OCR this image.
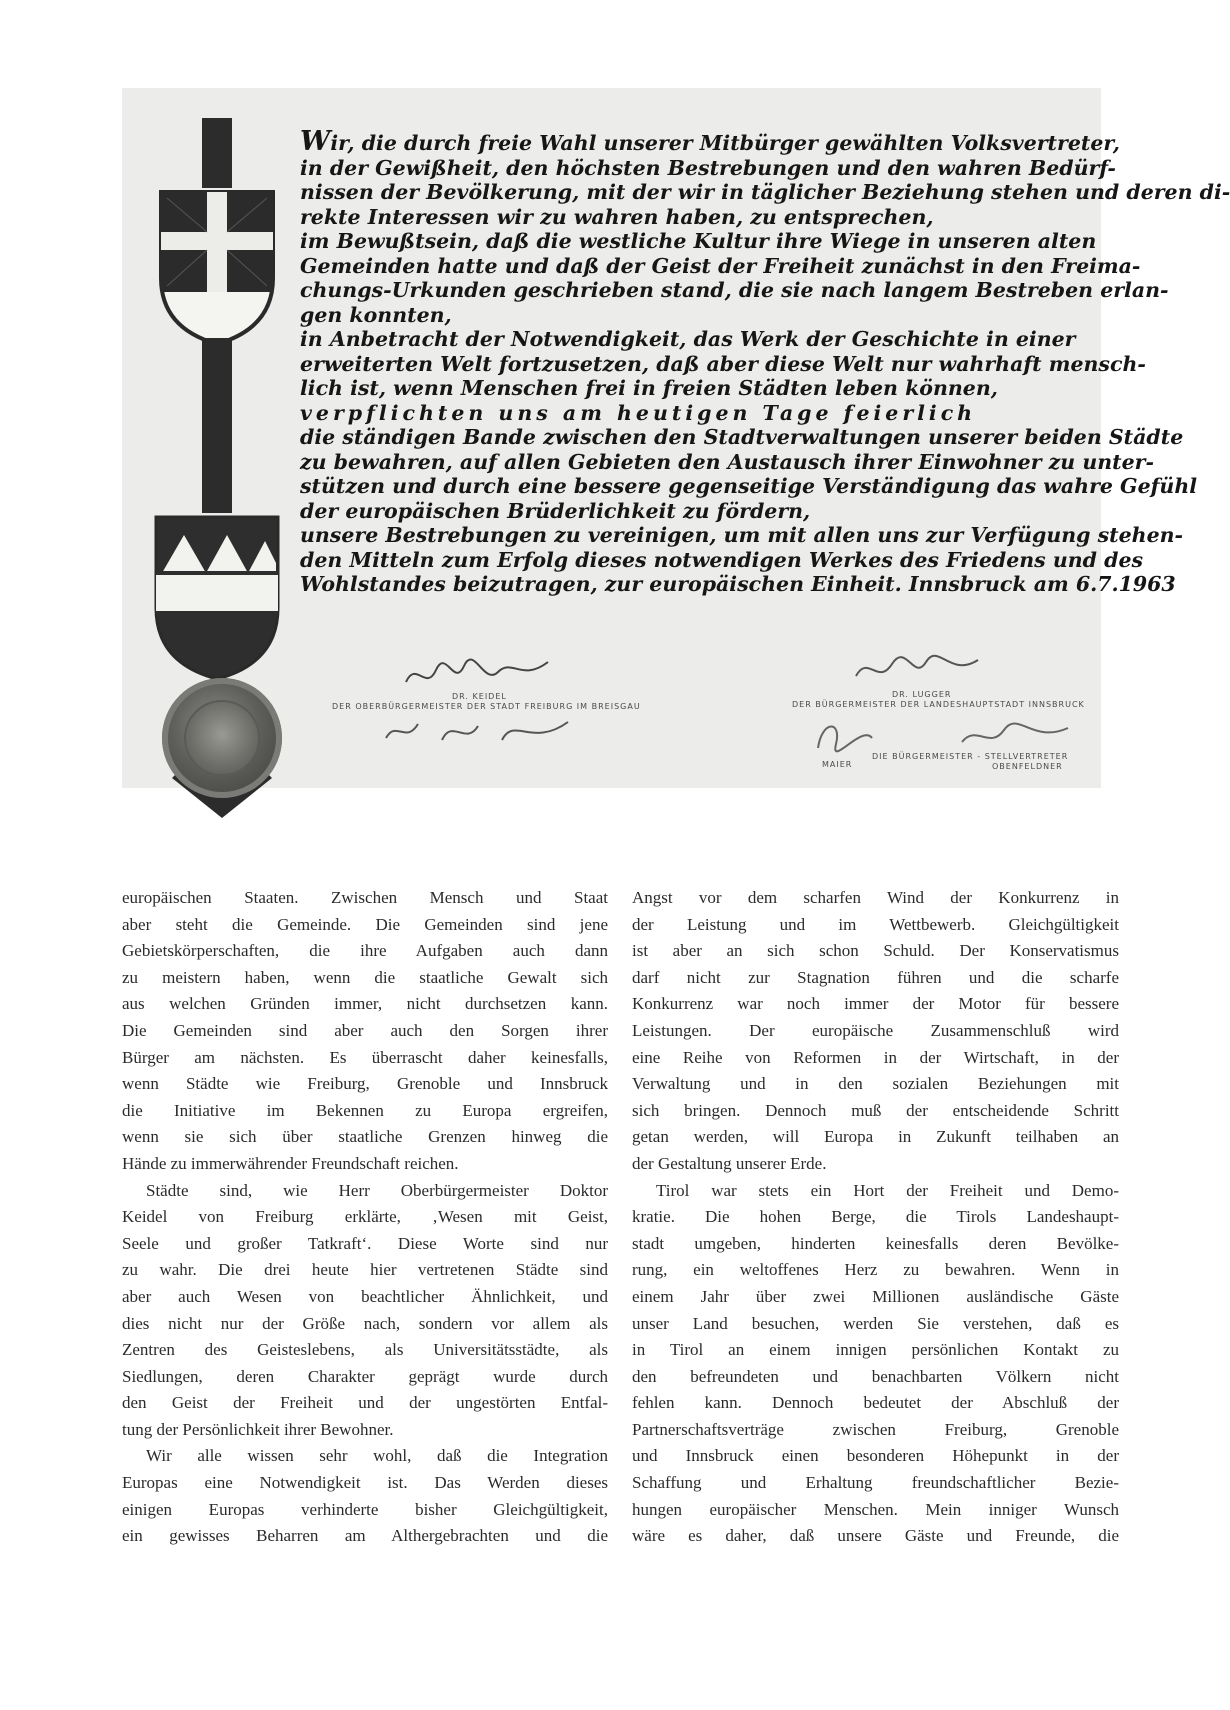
Wir, die durch freie Wahl unserer Mitbürger gewählten Volksvertreter,
in der Gewißheit, den höchsten Bestrebungen und den wahren Bedürf-
nissen der Bevölkerung, mit der wir in täglicher Beziehung stehen und deren di-
rekte Interessen wir zu wahren haben, zu entsprechen,
im Bewußtsein, daß die westliche Kultur ihre Wiege in unseren alten
Gemeinden hatte und daß der Geist der Freiheit zunächst in den Freima-
chungs-Urkunden geschrieben stand, die sie nach langem Bestreben erlan-
gen konnten,
in Anbetracht der Notwendigkeit, das Werk der Geschichte in einer
erweiterten Welt fortzusetzen, daß aber diese Welt nur wahrhaft mensch-
lich ist, wenn Menschen frei in freien Städten leben können,
verpflichten uns am heutigen Tage feierlich
die ständigen Bande zwischen den Stadtverwaltungen unserer beiden Städte
zu bewahren, auf allen Gebieten den Austausch ihrer Einwohner zu unter-
stützen und durch eine bessere gegenseitige Verständigung das wahre Gefühl
der europäischen Brüderlichkeit zu fördern,
unsere Bestrebungen zu vereinigen, um mit allen uns zur Verfügung stehen-
den Mitteln zum Erfolg dieses notwendigen Werkes des Friedens und des
Wohlstandes beizutragen, zur europäischen Einheit. Innsbruck am 6.7.1963
DR. KEIDEL
DER OBERBÜRGERMEISTER DER STADT FREIBURG IM BREISGAU
DR. LUGGER
DER BÜRGERMEISTER DER LANDESHAUPTSTADT INNSBRUCK
MAIER
DIE BÜRGERMEISTER - STELLVERTRETER
OBENFELDNER
europäischen Staaten. Zwischen Mensch und Staat
aber steht die Gemeinde. Die Gemeinden sind jene
Gebietskörperschaften, die ihre Aufgaben auch dann
zu meistern haben, wenn die staatliche Gewalt sich
aus welchen Gründen immer, nicht durchsetzen kann.
Die Gemeinden sind aber auch den Sorgen ihrer
Bürger am nächsten. Es überrascht daher keinesfalls,
wenn Städte wie Freiburg, Grenoble und Innsbruck
die Initiative im Bekennen zu Europa ergreifen,
wenn sie sich über staatliche Grenzen hinweg die
Hände zu immerwährender Freundschaft reichen.
Städte sind, wie Herr Oberbürgermeister Doktor
Keidel von Freiburg erklärte, ‚Wesen mit Geist,
Seele und großer Tatkraft‘. Diese Worte sind nur
zu wahr. Die drei heute hier vertretenen Städte sind
aber auch Wesen von beachtlicher Ähnlichkeit, und
dies nicht nur der Größe nach, sondern vor allem als
Zentren des Geisteslebens, als Universitätsstädte, als
Siedlungen, deren Charakter geprägt wurde durch
den Geist der Freiheit und der ungestörten Entfal-
tung der Persönlichkeit ihrer Bewohner.
Wir alle wissen sehr wohl, daß die Integration
Europas eine Notwendigkeit ist. Das Werden dieses
einigen Europas verhinderte bisher Gleichgültigkeit,
ein gewisses Beharren am Althergebrachten und die
Angst vor dem scharfen Wind der Konkurrenz in
der Leistung und im Wettbewerb. Gleichgültigkeit
ist aber an sich schon Schuld. Der Konservatismus
darf nicht zur Stagnation führen und die scharfe
Konkurrenz war noch immer der Motor für bessere
Leistungen. Der europäische Zusammenschluß wird
eine Reihe von Reformen in der Wirtschaft, in der
Verwaltung und in den sozialen Beziehungen mit
sich bringen. Dennoch muß der entscheidende Schritt
getan werden, will Europa in Zukunft teilhaben an
der Gestaltung unserer Erde.
Tirol war stets ein Hort der Freiheit und Demo-
kratie. Die hohen Berge, die Tirols Landeshaupt-
stadt umgeben, hinderten keinesfalls deren Bevölke-
rung, ein weltoffenes Herz zu bewahren. Wenn in
einem Jahr über zwei Millionen ausländische Gäste
unser Land besuchen, werden Sie verstehen, daß es
in Tirol an einem innigen persönlichen Kontakt zu
den befreundeten und benachbarten Völkern nicht
fehlen kann. Dennoch bedeutet der Abschluß der
Partnerschaftsverträge zwischen Freiburg, Grenoble
und Innsbruck einen besonderen Höhepunkt in der
Schaffung und Erhaltung freundschaftlicher Bezie-
hungen europäischer Menschen. Mein inniger Wunsch
wäre es daher, daß unsere Gäste und Freunde, die
